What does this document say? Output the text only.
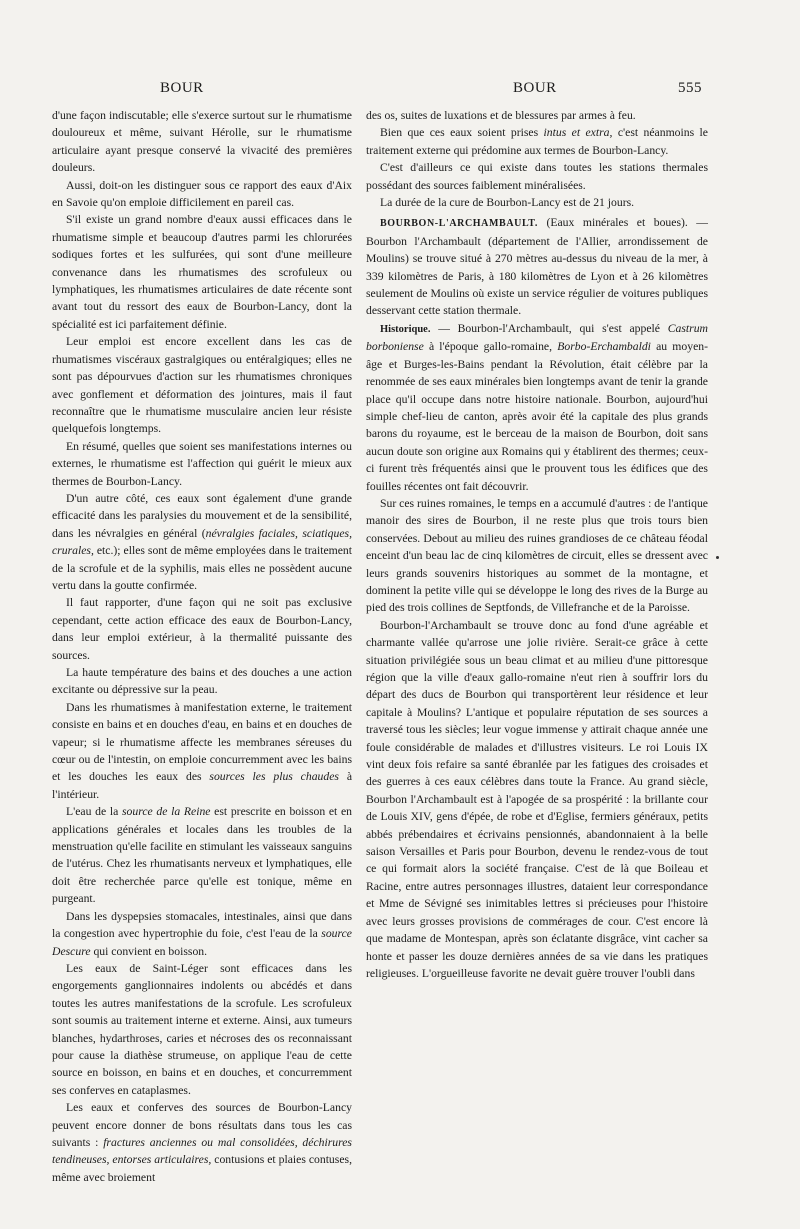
BOUR	BOUR	555

d'une façon indiscutable; elle s'exerce surtout sur le rhumatisme douloureux et même, suivant Hérolle, sur le rhumatisme articulaire ayant presque conservé la vivacité des premières douleurs.

Aussi, doit-on les distinguer sous ce rapport des eaux d'Aix en Savoie qu'on emploie difficilement en pareil cas.

S'il existe un grand nombre d'eaux aussi efficaces dans le rhumatisme simple et beaucoup d'autres parmi les chlorurées sodiques fortes et les sulfurées, qui sont d'une meilleure convenance dans les rhumatismes des scrofuleux ou lymphatiques, les rhumatismes articulaires de date récente sont avant tout du ressort des eaux de Bourbon-Lancy, dont la spécialité est ici parfaitement définie.

Leur emploi est encore excellent dans les cas de rhumatismes viscéraux gastralgiques ou entéralgiques; elles ne sont pas dépourvues d'action sur les rhumatismes chroniques avec gonflement et déformation des jointures, mais il faut reconnaître que le rhumatisme musculaire ancien leur résiste quelquefois longtemps.

En résumé, quelles que soient ses manifestations internes ou externes, le rhumatisme est l'affection qui guérit le mieux aux thermes de Bourbon-Lancy.

D'un autre côté, ces eaux sont également d'une grande efficacité dans les paralysies du mouvement et de la sensibilité, dans les névralgies en général (névralgies faciales, sciatiques, crurales, etc.); elles sont de même employées dans le traitement de la scrofule et de la syphilis, mais elles ne possèdent aucune vertu dans la goutte confirmée.

Il faut rapporter, d'une façon qui ne soit pas exclusive cependant, cette action efficace des eaux de Bourbon-Lancy, dans leur emploi extérieur, à la thermalité puissante des sources.

La haute température des bains et des douches a une action excitante ou dépressive sur la peau.

Dans les rhumatismes à manifestation externe, le traitement consiste en bains et en douches d'eau, en bains et en douches de vapeur; si le rhumatisme affecte les membranes séreuses du cœur ou de l'intestin, on emploie concurremment avec les bains et les douches les eaux des sources les plus chaudes à l'intérieur.

L'eau de la source de la Reine est prescrite en boisson et en applications générales et locales dans les troubles de la menstruation qu'elle facilite en stimulant les vaisseaux sanguins de l'utérus. Chez les rhumatisants nerveux et lymphatiques, elle doit être recherchée parce qu'elle est tonique, même en purgeant.

Dans les dyspepsies stomacales, intestinales, ainsi que dans la congestion avec hypertrophie du foie, c'est l'eau de la source Descure qui convient en boisson.

Les eaux de Saint-Léger sont efficaces dans les engorgements ganglionnaires indolents ou abcédés et dans toutes les autres manifestations de la scrofule. Les scrofuleux sont soumis au traitement interne et externe. Ainsi, aux tumeurs blanches, hydarthroses, caries et nécroses des os reconnaissant pour cause la diathèse strumeuse, on applique l'eau de cette source en boisson, en bains et en douches, et concurremment ses conferves en cataplasmes.

Les eaux et conferves des sources de Bourbon-Lancy peuvent encore donner de bons résultats dans tous les cas suivants : fractures anciennes ou mal consolidées, déchirures tendineuses, entorses articulaires, contusions et plaies contuses, même avec broiement

des os, suites de luxations et de blessures par armes à feu.

Bien que ces eaux soient prises intus et extra, c'est néanmoins le traitement externe qui prédomine aux termes de Bourbon-Lancy.

C'est d'ailleurs ce qui existe dans toutes les stations thermales possédant des sources faiblement minéralisées.

La durée de la cure de Bourbon-Lancy est de 21 jours.

BOURBON-L'ARCHAMBAULT. (Eaux minérales et boues). — Bourbon l'Archambault (département de l'Allier, arrondissement de Moulins) se trouve situé à 270 mètres au-dessus du niveau de la mer, à 339 kilomètres de Paris, à 180 kilomètres de Lyon et à 26 kilomètres seulement de Moulins où existe un service régulier de voitures publiques desservant cette station thermale.

Historique. — Bourbon-l'Archambault, qui s'est appelé Castrum borboniense à l'époque gallo-romaine, Borbo-Erchambaldi au moyen-âge et Burges-les-Bains pendant la Révolution, était célèbre par la renommée de ses eaux minérales bien longtemps avant de tenir la grande place qu'il occupe dans notre histoire nationale. Bourbon, aujourd'hui simple chef-lieu de canton, après avoir été la capitale des plus grands barons du royaume, est le berceau de la maison de Bourbon, doit sans aucun doute son origine aux Romains qui y établirent des thermes; ceux-ci furent très fréquentés ainsi que le prouvent tous les édifices que des fouilles récentes ont fait découvrir.

Sur ces ruines romaines, le temps en a accumulé d'autres : de l'antique manoir des sires de Bourbon, il ne reste plus que trois tours bien conservées. Debout au milieu des ruines grandioses de ce château féodal enceint d'un beau lac de cinq kilomètres de circuit, elles se dressent avec leurs grands souvenirs historiques au sommet de la montagne, et dominent la petite ville qui se développe le long des rives de la Burge au pied des trois collines de Septfonds, de Villefranche et de la Paroisse.

Bourbon-l'Archambault se trouve donc au fond d'une agréable et charmante vallée qu'arrose une jolie rivière. Serait-ce grâce à cette situation privilégiée sous un beau climat et au milieu d'une pittoresque région que la ville d'eaux gallo-romaine n'eut rien à souffrir lors du départ des ducs de Bourbon qui transportèrent leur résidence et leur capitale à Moulins? L'antique et populaire réputation de ses sources a traversé tous les siècles; leur vogue immense y attirait chaque année une foule considérable de malades et d'illustres visiteurs. Le roi Louis IX vint deux fois refaire sa santé ébranlée par les fatigues des croisades et des guerres à ces eaux célèbres dans toute la France. Au grand siècle, Bourbon l'Archambault est à l'apogée de sa prospérité : la brillante cour de Louis XIV, gens d'épée, de robe et d'Eglise, fermiers généraux, petits abbés prébendaires et écrivains pensionnés, abandonnaient à la belle saison Versailles et Paris pour Bourbon, devenu le rendez-vous de tout ce qui formait alors la société française. C'est de là que Boileau et Racine, entre autres personnages illustres, dataient leur correspondance et Mme de Sévigné ses inimitables lettres si précieuses pour l'histoire avec leurs grosses provisions de commérages de cour. C'est encore là que madame de Montespan, après son éclatante disgrâce, vint cacher sa honte et passer les douze dernières années de sa vie dans les pratiques religieuses. L'orgueilleuse favorite ne devait guère trouver l'oubli dans
